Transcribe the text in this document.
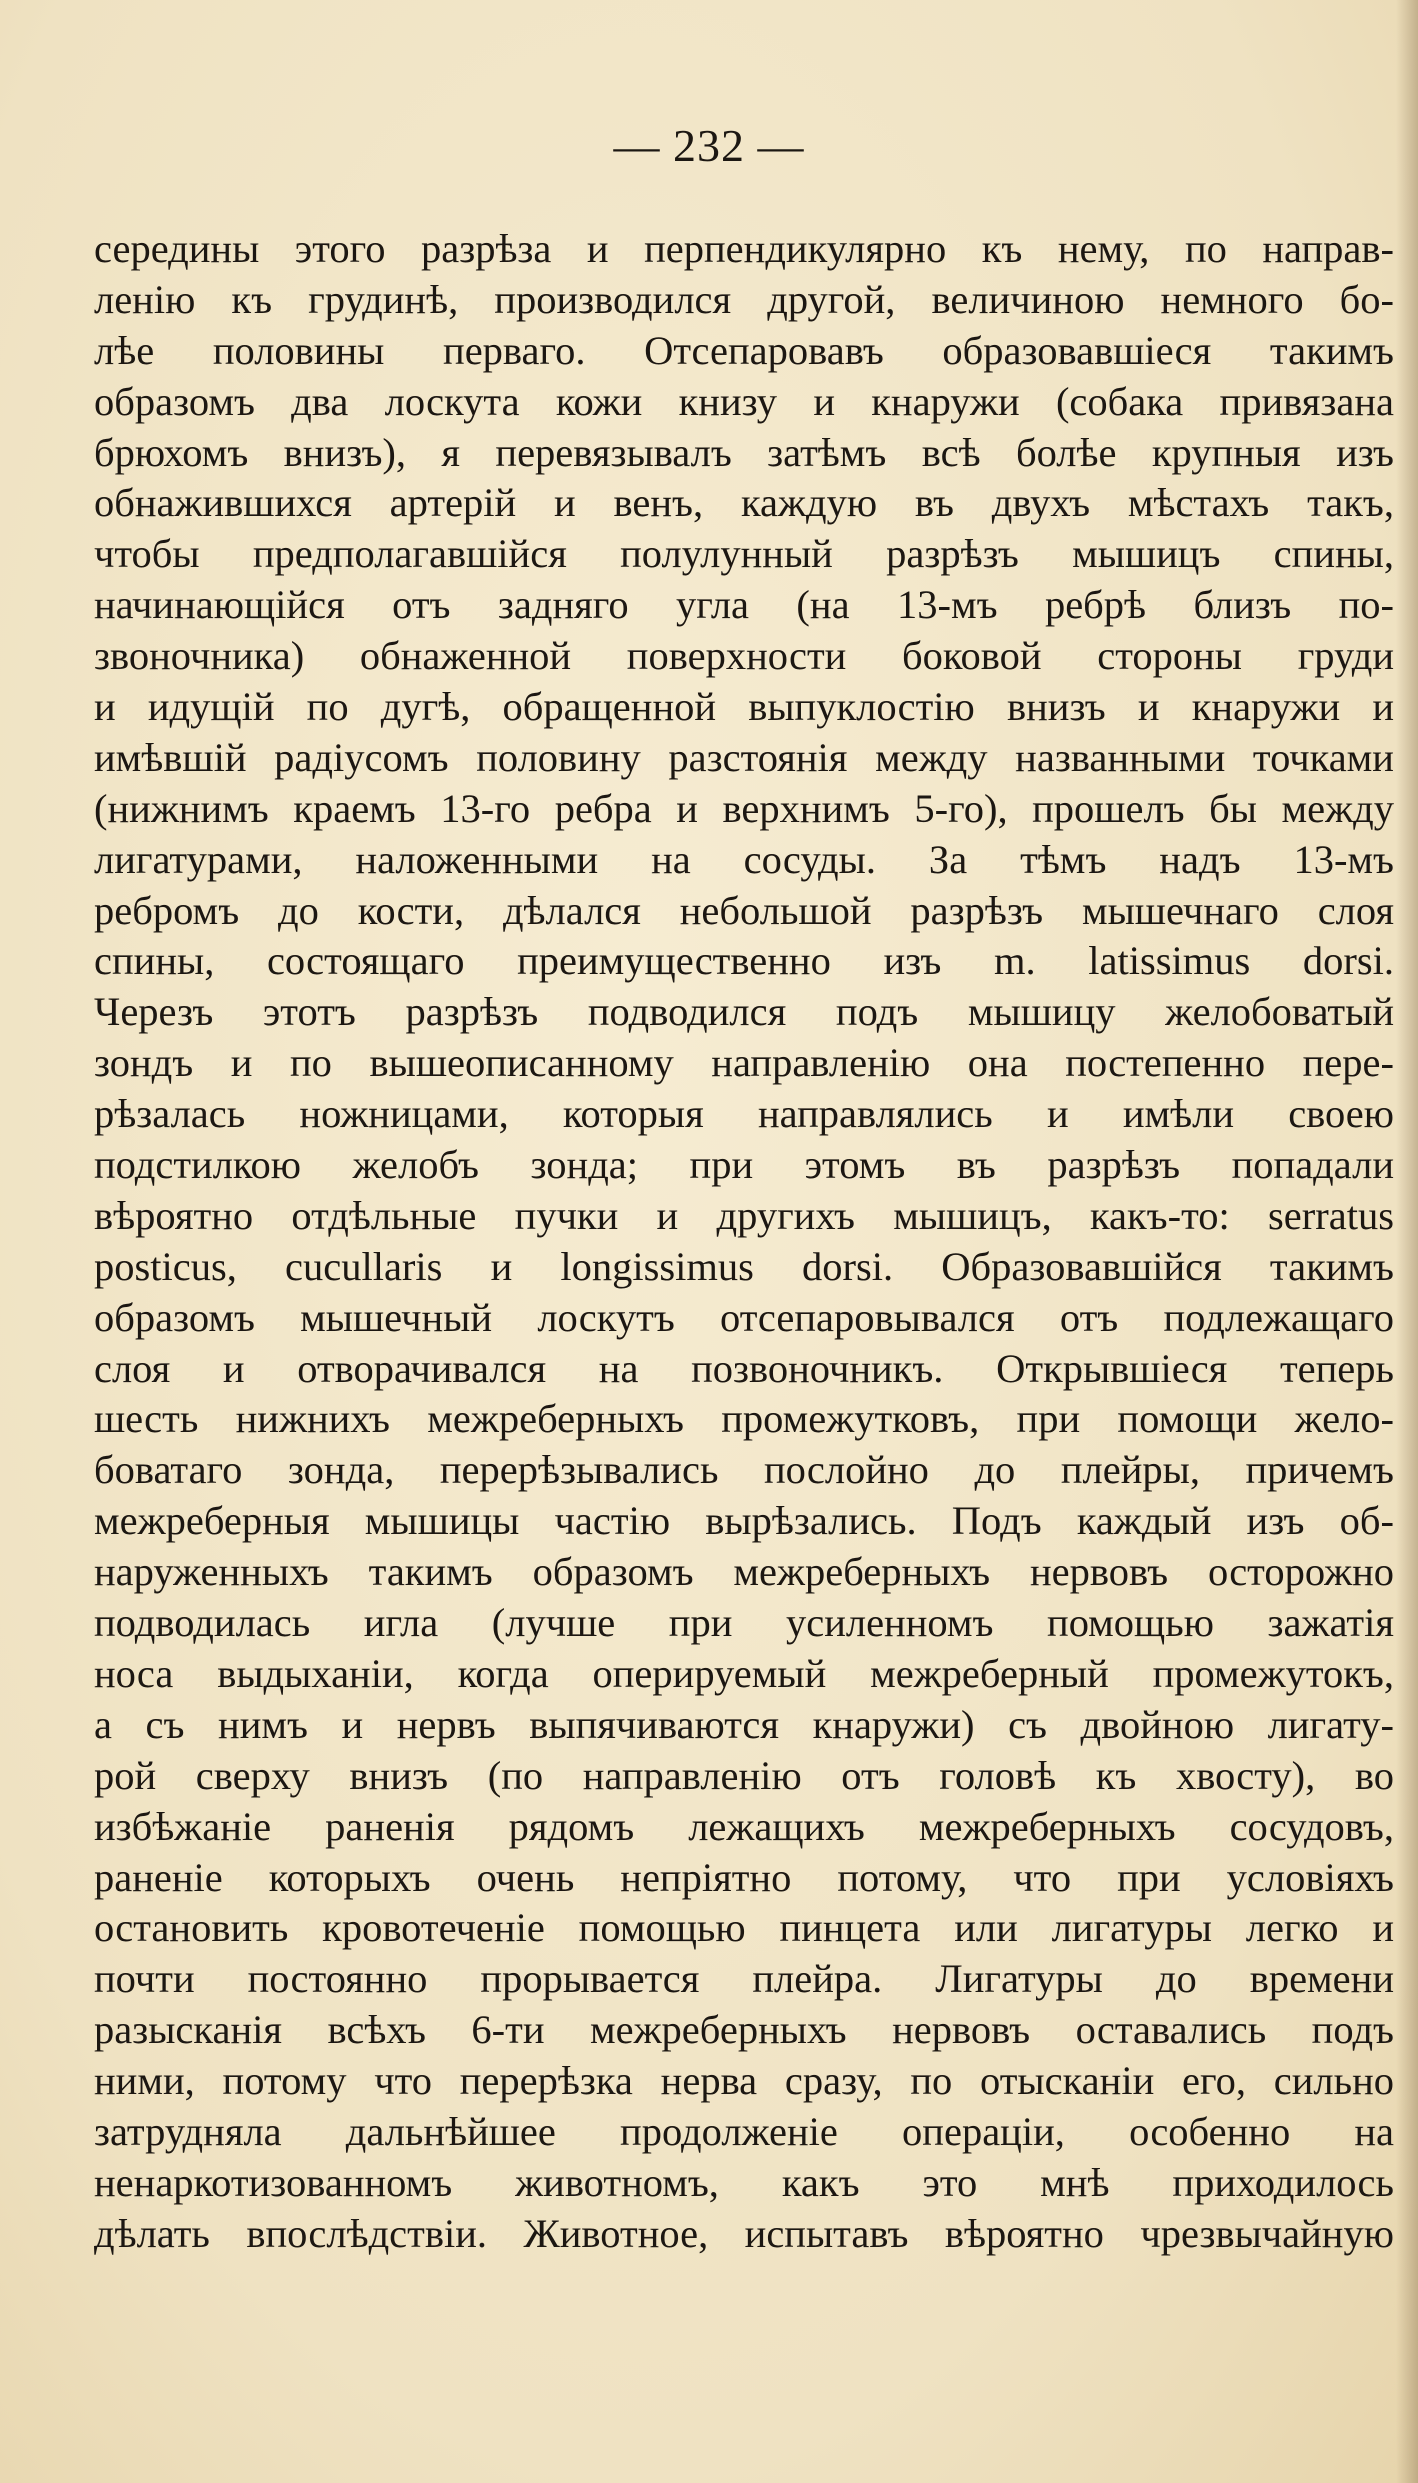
— 232 —
середины этого разрѣза и перпендикулярно къ нему, по направ-
ленію къ грудинѣ, производился другой, величиною немного бо-
лѣе половины перваго. Отсепаровавъ образовавшіеся такимъ
образомъ два лоскута кожи книзу и кнаружи (собака привязана
брюхомъ внизъ), я перевязывалъ затѣмъ всѣ болѣе крупныя изъ
обнажившихся артерій и венъ, каждую въ двухъ мѣстахъ такъ,
чтобы предполагавшійся полулунный разрѣзъ мышицъ спины,
начинающійся отъ задняго угла (на 13-мъ ребрѣ близъ по-
звоночника) обнаженной поверхности боковой стороны груди
и идущій по дугѣ, обращенной выпуклостію внизъ и кнаружи и
имѣвшій радіусомъ половину разстоянія между названными точками
(нижнимъ краемъ 13-го ребра и верхнимъ 5-го), прошелъ бы между
лигатурами, наложенными на сосуды. За тѣмъ надъ 13-мъ
ребромъ до кости, дѣлался небольшой разрѣзъ мышечнаго слоя
спины, состоящаго преимущественно изъ m. latissimus dorsi.
Черезъ этотъ разрѣзъ подводился подъ мышицу желобоватый
зондъ и по вышеописанному направленію она постепенно пере-
рѣзалась ножницами, которыя направлялись и имѣли своею
подстилкою желобъ зонда; при этомъ въ разрѣзъ попадали
вѣроятно отдѣльные пучки и другихъ мышицъ, какъ-то: serratus
posticus, cucullaris и longissimus dorsi. Образовавшійся такимъ
образомъ мышечный лоскутъ отсепаровывался отъ подлежащаго
слоя и отворачивался на позвоночникъ. Открывшіеся теперь
шесть нижнихъ межреберныхъ промежутковъ, при помощи жело-
боватаго зонда, перерѣзывались послойно до плейры, причемъ
межреберныя мышицы частію вырѣзались. Подъ каждый изъ об-
наруженныхъ такимъ образомъ межреберныхъ нервовъ осторожно
подводилась игла (лучше при усиленномъ помощью зажатія
носа выдыханіи, когда оперируемый межреберный промежутокъ,
а съ нимъ и нервъ выпячиваются кнаружи) съ двойною лигату-
рой сверху внизъ (по направленію отъ головѣ къ хвосту), во
избѣжаніе раненія рядомъ лежащихъ межреберныхъ сосудовъ,
раненіе которыхъ очень непріятно потому, что при условіяхъ
остановить кровотеченіе помощью пинцета или лигатуры легко и
почти постоянно прорывается плейра. Лигатуры до времени
разысканія всѣхъ 6-ти межреберныхъ нервовъ оставались подъ
ними, потому что перерѣзка нерва сразу, по отысканіи его, сильно
затрудняла дальнѣйшее продолженіе операціи, особенно на
ненаркотизованномъ животномъ, какъ это мнѣ приходилось
дѣлать впослѣдствіи. Животное, испытавъ вѣроятно чрезвычайную
